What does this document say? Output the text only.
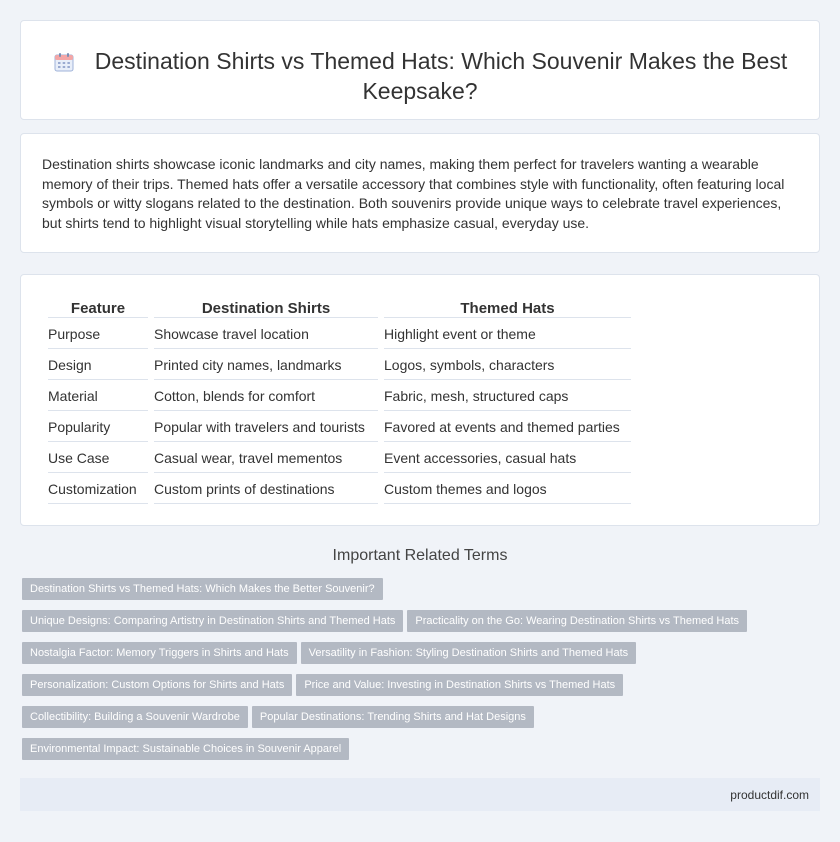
Destination Shirts vs Themed Hats: Which Souvenir Makes the Best Keepsake?

Destination shirts showcase iconic landmarks and city names, making them perfect for travelers wanting a wearable memory of their trips. Themed hats offer a versatile accessory that combines style with functionality, often featuring local symbols or witty slogans related to the destination. Both souvenirs provide unique ways to celebrate travel experiences, but shirts tend to highlight visual storytelling while hats emphasize casual, everyday use.

Feature	Destination Shirts	Themed Hats
Purpose	Showcase travel location	Highlight event or theme
Design	Printed city names, landmarks	Logos, symbols, characters
Material	Cotton, blends for comfort	Fabric, mesh, structured caps
Popularity	Popular with travelers and tourists	Favored at events and themed parties
Use Case	Casual wear, travel mementos	Event accessories, casual hats
Customization	Custom prints of destinations	Custom themes and logos
Important Related Terms
Destination Shirts vs Themed Hats: Which Makes the Better Souvenir?
Unique Designs: Comparing Artistry in Destination Shirts and Themed Hats Practicality on the Go: Wearing Destination Shirts vs Themed Hats
Nostalgia Factor: Memory Triggers in Shirts and Hats Versatility in Fashion: Styling Destination Shirts and Themed Hats
Personalization: Custom Options for Shirts and Hats Price and Value: Investing in Destination Shirts vs Themed Hats
Collectibility: Building a Souvenir Wardrobe Popular Destinations: Trending Shirts and Hat Designs
Environmental Impact: Sustainable Choices in Souvenir Apparel
productdif.com
